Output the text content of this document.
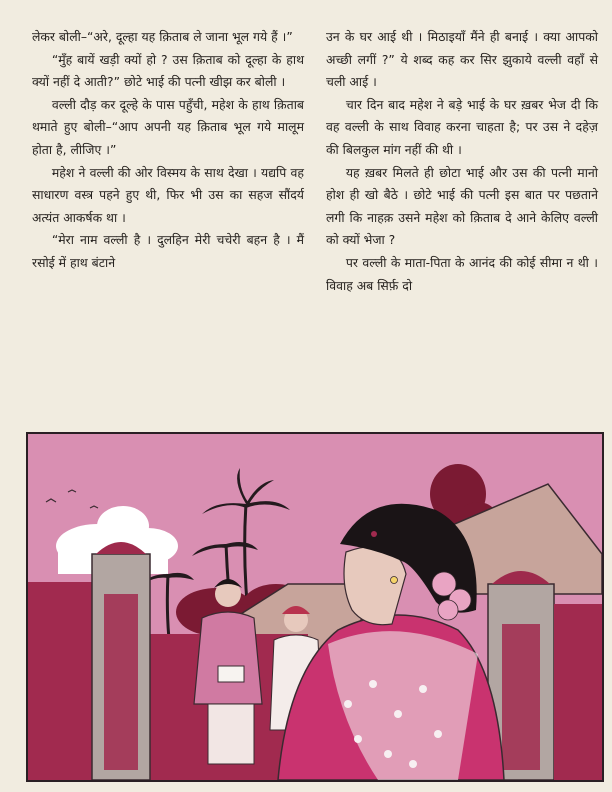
लेकर बोली–“अरे, दूल्हा यह क़िताब ले जाना भूल गये हैं ।”

“मुँह बायें खड़ी क्यों हो ? उस क़िताब को दूल्हा के हाथ क्यों नहीं दे आती?” छोटे भाई की पत्नी खीझ कर बोली ।

वल्ली दौड़ कर दूल्हे के पास पहुँची, महेश के हाथ क़िताब थमाते हुए बोली–“आप अपनी यह क़िताब भूल गये मालूम होता है, लीजिए ।”

महेश ने वल्ली की ओर विस्मय के साथ देखा । यद्यपि वह साधारण वस्त्र पहने हुए थी, फिर भी उस का सहज सौंदर्य अत्यंत आकर्षक था ।

“मेरा नाम वल्ली है । दुलहिन मेरी चचेरी बहन है । मैं रसोई में हाथ बंटाने

उन के घर आई थी । मिठाइयाँ मैंने ही बनाई । क्या आपको अच्छी लगीं ?” ये शब्द कह कर सिर झुकाये वल्ली वहाँ से चली आई ।

चार दिन बाद महेश ने बड़े भाई के घर ख़बर भेज दी कि वह वल्ली के साथ विवाह करना चाहता है; पर उस ने दहेज़ की बिलकुल मांग नहीं की थी ।

यह ख़बर मिलते ही छोटा भाई और उस की पत्नी मानो होश ही खो बैठे । छोटे भाई की पत्नी इस बात पर पछताने लगी कि नाहक़ उसने महेश को क़िताब दे आने केलिए वल्ली को क्यों भेजा ?

पर वल्ली के माता-पिता के आनंद की कोई सीमा न थी । विवाह अब सिर्फ़ दो
